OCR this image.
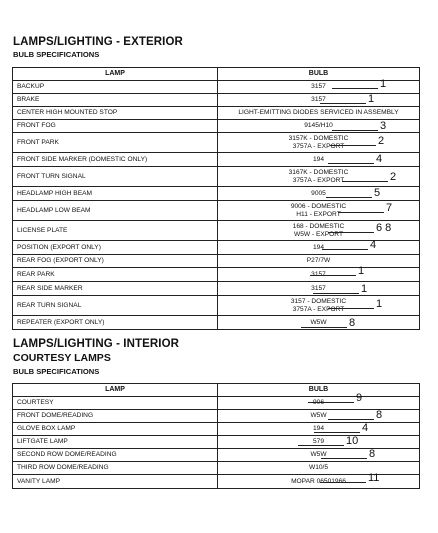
LAMPS/LIGHTING - EXTERIOR
BULB SPECIFICATIONS
LAMP	BULB
BACKUP	3157 1

BRAKE	3157 1

CENTER HIGH MOUNTED STOP	LIGHT-EMITTING DIODES SERVICED IN ASSEMBLY

FRONT FOG	9145/H10 3

FRONT PARK	3157K - DOMESTIC
3757A - EXPORT 2

FRONT SIDE MARKER (DOMESTIC ONLY)	194 4

FRONT TURN SIGNAL	3167K - DOMESTIC
3757A - EXPORT 2

HEADLAMP HIGH BEAM	9005 5

HEADLAMP LOW BEAM	9006 - DOMESTIC
H11 - EXPORT 7

LICENSE PLATE	168 - DOMESTIC
W5W - EXPORT 6 8

POSITION (EXPORT ONLY)	194 4

REAR FOG (EXPORT ONLY)	P27/7W

REAR PARK	3157 1

REAR SIDE MARKER	3157 1

REAR TURN SIGNAL	3157 - DOMESTIC
3757A - EXPORT 1

REPEATER (EXPORT ONLY)	W5W 8
LAMPS/LIGHTING - INTERIOR
COURTESY LAMPS
BULB SPECIFICATIONS
LAMP	BULB
COURTESY	906 9

FRONT DOME/READING	W5W 8

GLOVE BOX LAMP	194 4

LIFTGATE LAMP	579 10

SECOND ROW DOME/READING	W5W 8

THIRD ROW DOME/READING	W10/5

VANITY LAMP	MOPAR 06501966 11
